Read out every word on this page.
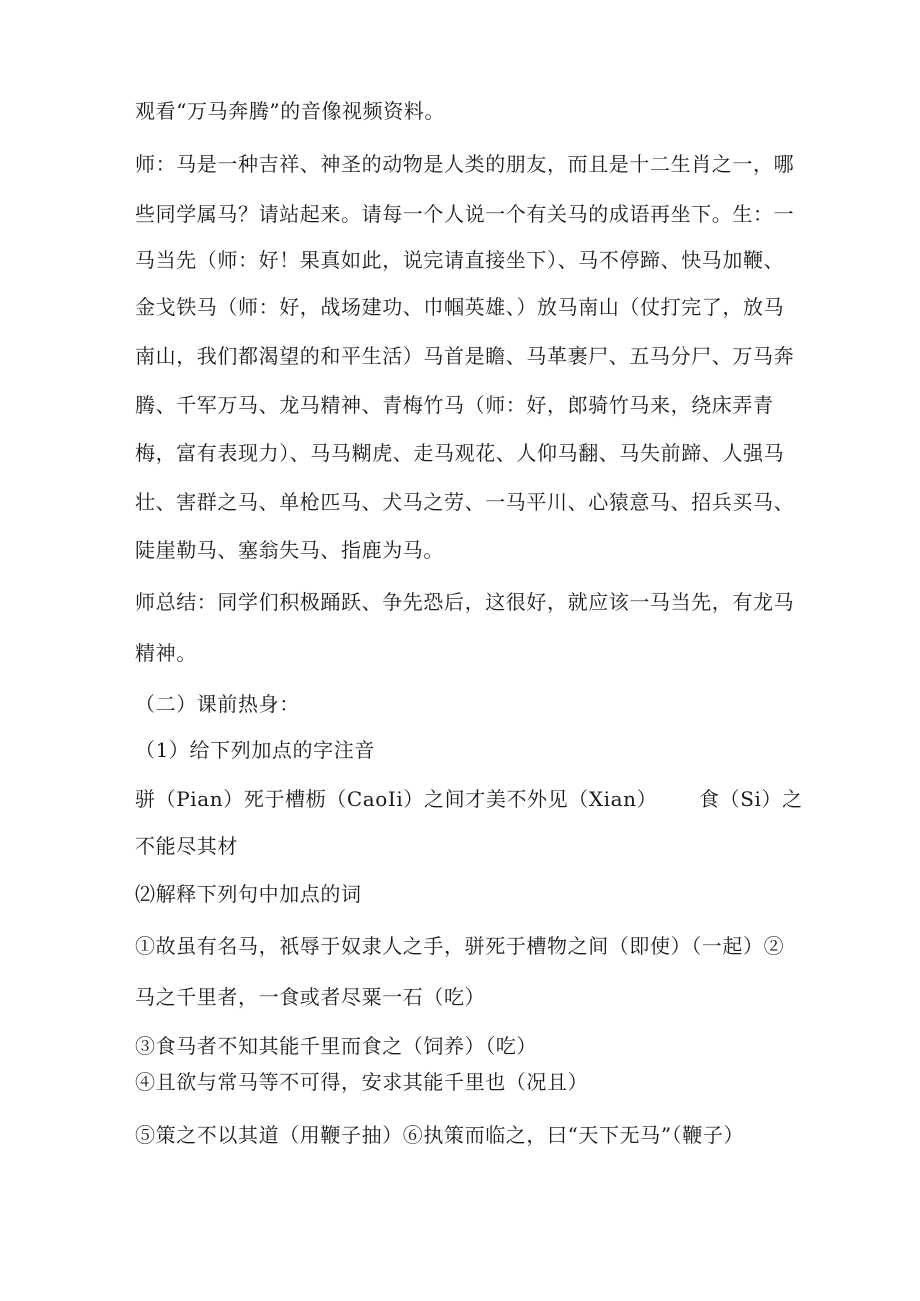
观看“万马奔腾”的音像视频资料。
师：马是一种吉祥、神圣的动物是人类的朋友，而且是十二生肖之一，哪
些同学属马？请站起来。请每一个人说一个有关马的成语再坐下。生：一
马当先（师：好！果真如此，说完请直接坐下）、马不停蹄、快马加鞭、
金戈铁马（师：好，战场建功、巾帼英雄、）放马南山（仗打完了，放马
南山，我们都渴望的和平生活）马首是瞻、马革裹尸、五马分尸、万马奔
腾、千军万马、龙马精神、青梅竹马（师：好，郎骑竹马来，绕床弄青
梅，富有表现力）、马马糊虎、走马观花、人仰马翻、马失前蹄、人强马
壮、害群之马、单枪匹马、犬马之劳、一马平川、心猿意马、招兵买马、
陡崖勒马、塞翁失马、指鹿为马。
师总结：同学们积极踊跃、争先恐后，这很好，就应该一马当先，有龙马
精神。
（二）课前热身：
（1）给下列加点的字注音
骈（Pian）死于槽枥（CaoIi）之间才美不外见（Xian）      食（Si）之
不能尽其材
⑵解释下列句中加点的词
①故虽有名马，祇辱于奴隶人之手，骈死于槽物之间（即使）（一起）②
马之千里者，一食或者尽粟一石（吃）
③食马者不知其能千里而食之（饲养）（吃）
④且欲与常马等不可得，安求其能千里也（况且）
⑤策之不以其道（用鞭子抽）⑥执策而临之，曰“天下无马”（鞭子）
